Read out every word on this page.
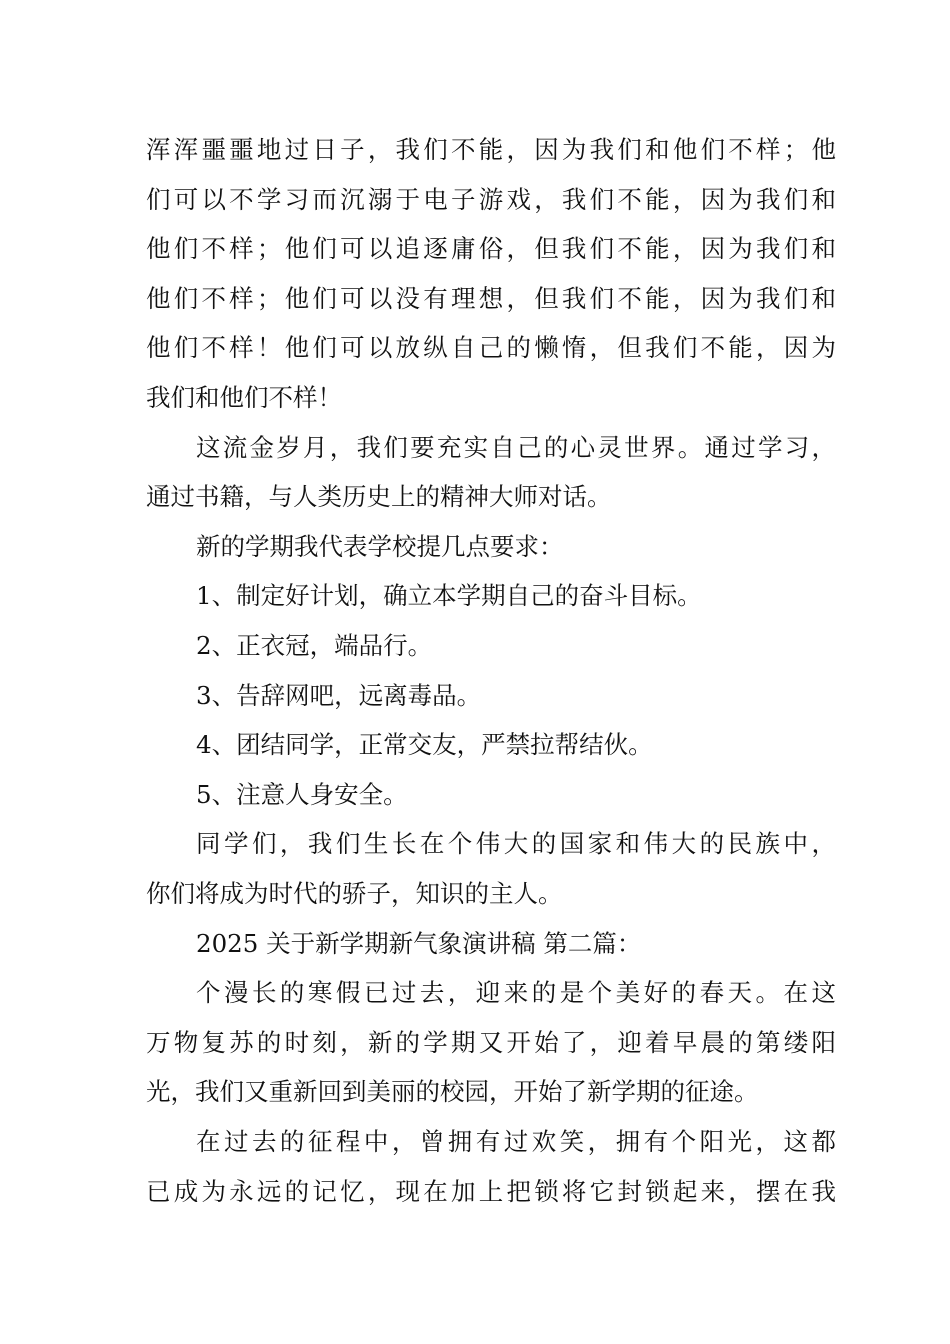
浑浑噩噩地过日子，我们不能，因为我们和他们不样；他
们可以不学习而沉溺于电子游戏，我们不能，因为我们和
他们不样；他们可以追逐庸俗，但我们不能，因为我们和
他们不样；他们可以没有理想，但我们不能，因为我们和
他们不样！他们可以放纵自己的懒惰，但我们不能，因为
我们和他们不样！
这流金岁月，我们要充实自己的心灵世界。通过学习，
通过书籍，与人类历史上的精神大师对话。
新的学期我代表学校提几点要求：
1、制定好计划，确立本学期自己的奋斗目标。
2、正衣冠，端品行。
3、告辞网吧，远离毒品。
4、团结同学，正常交友，严禁拉帮结伙。
5、注意人身安全。
同学们，我们生长在个伟大的国家和伟大的民族中，
你们将成为时代的骄子，知识的主人。
2025 关于新学期新气象演讲稿 第二篇：
个漫长的寒假已过去，迎来的是个美好的春天。在这
万物复苏的时刻，新的学期又开始了，迎着早晨的第缕阳
光，我们又重新回到美丽的校园，开始了新学期的征途。
在过去的征程中，曾拥有过欢笑，拥有个阳光，这都
已成为永远的记忆，现在加上把锁将它封锁起来，摆在我
